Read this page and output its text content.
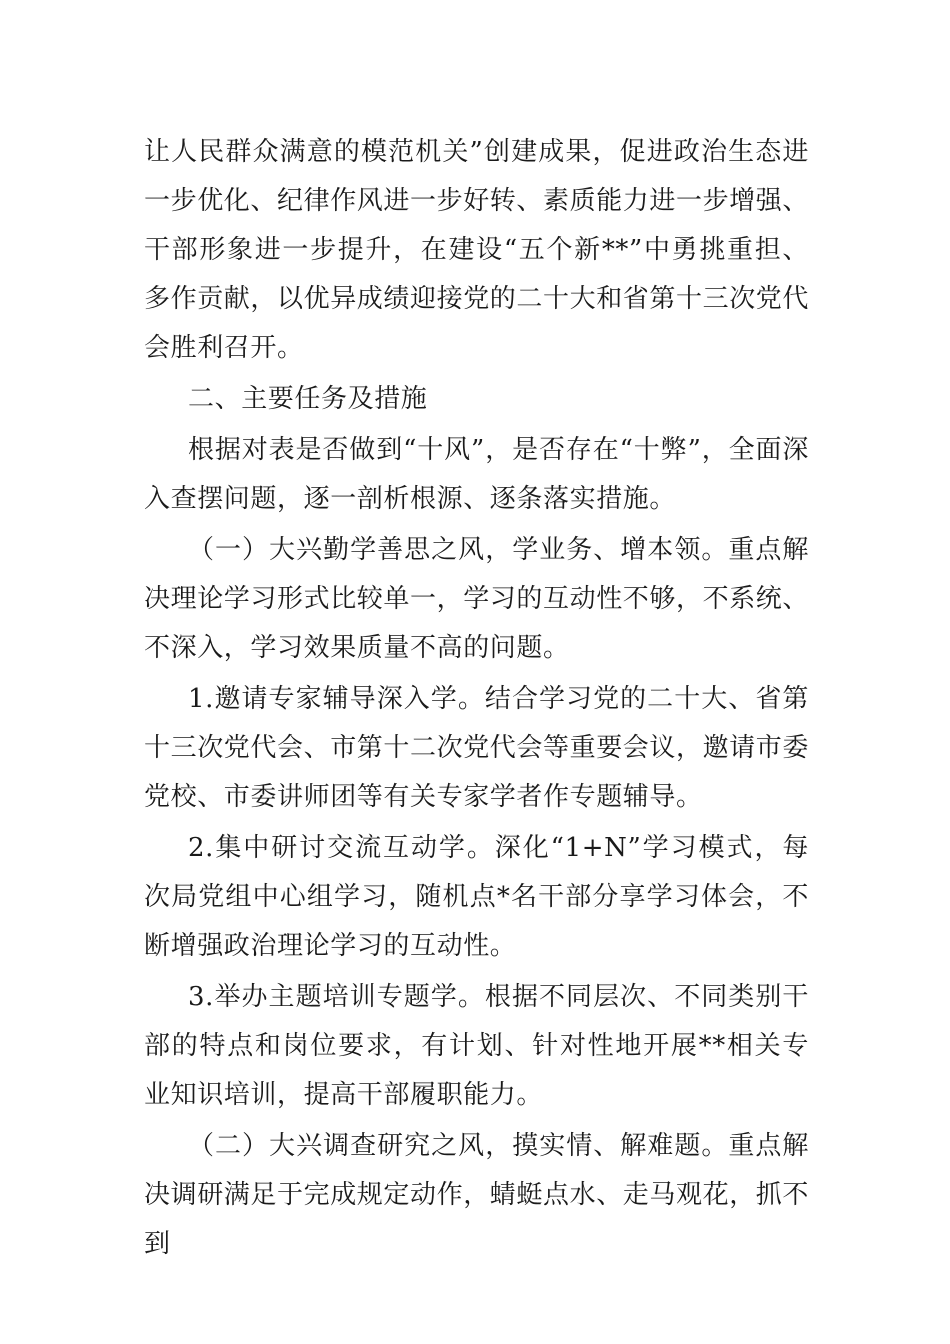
让人民群众满意的模范机关”创建成果，促进政治生态进一步优化、纪律作风进一步好转、素质能力进一步增强、干部形象进一步提升，在建设“五个新**”中勇挑重担、多作贡献，以优异成绩迎接党的二十大和省第十三次党代会胜利召开。

二、主要任务及措施

根据对表是否做到“十风”，是否存在“十弊”，全面深入查摆问题，逐一剖析根源、逐条落实措施。

（一）大兴勤学善思之风，学业务、增本领。重点解决理论学习形式比较单一，学习的互动性不够，不系统、不深入，学习效果质量不高的问题。

1.邀请专家辅导深入学。结合学习党的二十大、省第十三次党代会、市第十二次党代会等重要会议，邀请市委党校、市委讲师团等有关专家学者作专题辅导。

2.集中研讨交流互动学。深化“1+N”学习模式，每次局党组中心组学习，随机点*名干部分享学习体会，不断增强政治理论学习的互动性。

3.举办主题培训专题学。根据不同层次、不同类别干部的特点和岗位要求，有计划、针对性地开展**相关专业知识培训，提高干部履职能力。

（二）大兴调查研究之风，摸实情、解难题。重点解决调研满足于完成规定动作，蜻蜓点水、走马观花，抓不到
